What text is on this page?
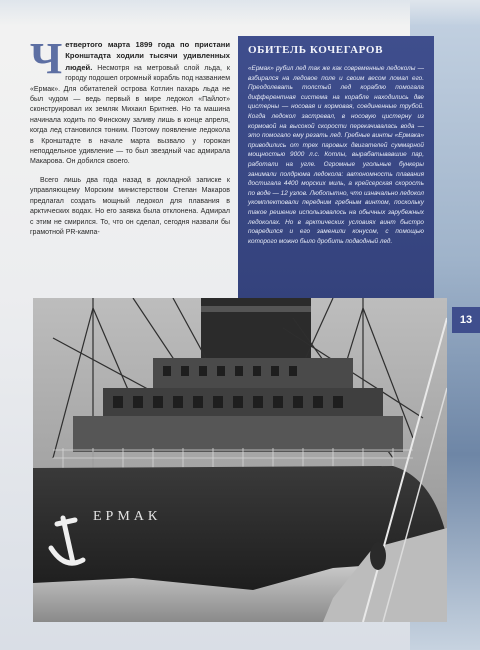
Четвертого марта 1899 года по пристани Кронштадта ходили тысячи удивленных людей. Несмотря на метровый слой льда, к городу подошел огромный корабль под названием «Ермак». Для обитателей острова Котлин пахарь льда не был чудом — ведь первый в мире ледокол «Пайлот» сконструировал их земляк Михаил Бритнев. Но та машина начинала ходить по Финскому заливу лишь в конце апреля, когда лед становился тонким. Поэтому появление ледокола в Кронштадте в начале марта вызвало у горожан неподдельное удивление — то был звездный час адмирала Макарова. Он добился своего.

Всего лишь два года назад в докладной записке к управляющему Морским министерством Степан Макаров предлагал создать мощный ледокол для плавания в арктических водах. Но его заявка была отклонена. Адмирал с этим не смирился. То, что он сделал, сегодня назвали бы грамотной PR-кампа-

ОБИТЕЛЬ КОЧЕГАРОВ

«Ермак» рубил лед так же как современные ледоколы — взбирался на ледовое поле и своим весом ломал его. Преодолевать толстый лед кораблю помогала дифферентная система на корабле находились две цистерны — носовая и кормовая, соединенные трубой. Когда ледокол застревал, в носовую цистерну из кормовой на высокой скорости перекачивалась вода — это помогало ему резать лед. Гребные винты «Ермака» приводились от трех паровых двигателей суммарной мощностью 9000 л.с. Котлы, вырабатывавшие пар, работали на угле. Огромные угольные бункеры занимали полдрюма ледокола: автономность плавания достигала 4400 морских миль, а крейсерская скорость по воде — 12 узлов. Любопытно, что изначально ледокол укомплектовали передним гребным винтом, поскольку такое решение использовалось на обычных зарубежных ледоколах. Но в арктических условиях винт быстро повредился и его заменили конусом, с помощью которого можно было дробить подводный лед.

13
ЕРМАК
